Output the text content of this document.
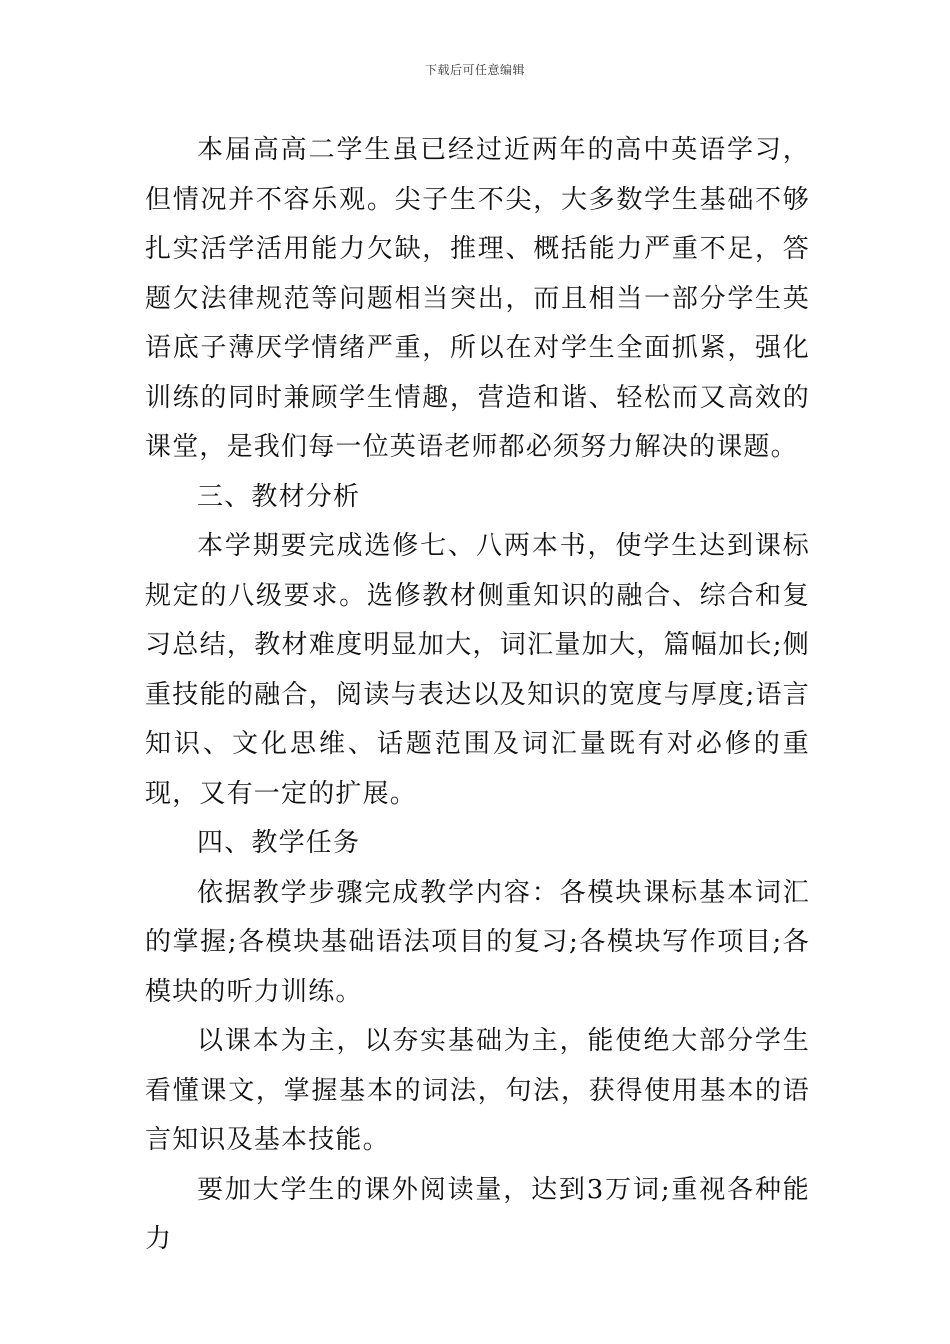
下载后可任意编辑

本届高高二学生虽已经过近两年的高中英语学习，但情况并不容乐观。尖子生不尖，大多数学生基础不够扎实活学活用能力欠缺，推理、概括能力严重不足，答题欠法律规范等问题相当突出，而且相当一部分学生英语底子薄厌学情绪严重，所以在对学生全面抓紧，强化训练的同时兼顾学生情趣，营造和谐、轻松而又高效的课堂，是我们每一位英语老师都必须努力解决的课题。

三、教材分析

本学期要完成选修七、八两本书，使学生达到课标规定的八级要求。选修教材侧重知识的融合、综合和复习总结，教材难度明显加大，词汇量加大，篇幅加长;侧重技能的融合，阅读与表达以及知识的宽度与厚度;语言知识、文化思维、话题范围及词汇量既有对必修的重现，又有一定的扩展。

四、教学任务

依据教学步骤完成教学内容：各模块课标基本词汇的掌握;各模块基础语法项目的复习;各模块写作项目;各模块的听力训练。

以课本为主，以夯实基础为主，能使绝大部分学生看懂课文，掌握基本的词法，句法，获得使用基本的语言知识及基本技能。

要加大学生的课外阅读量，达到3万词;重视各种能力
